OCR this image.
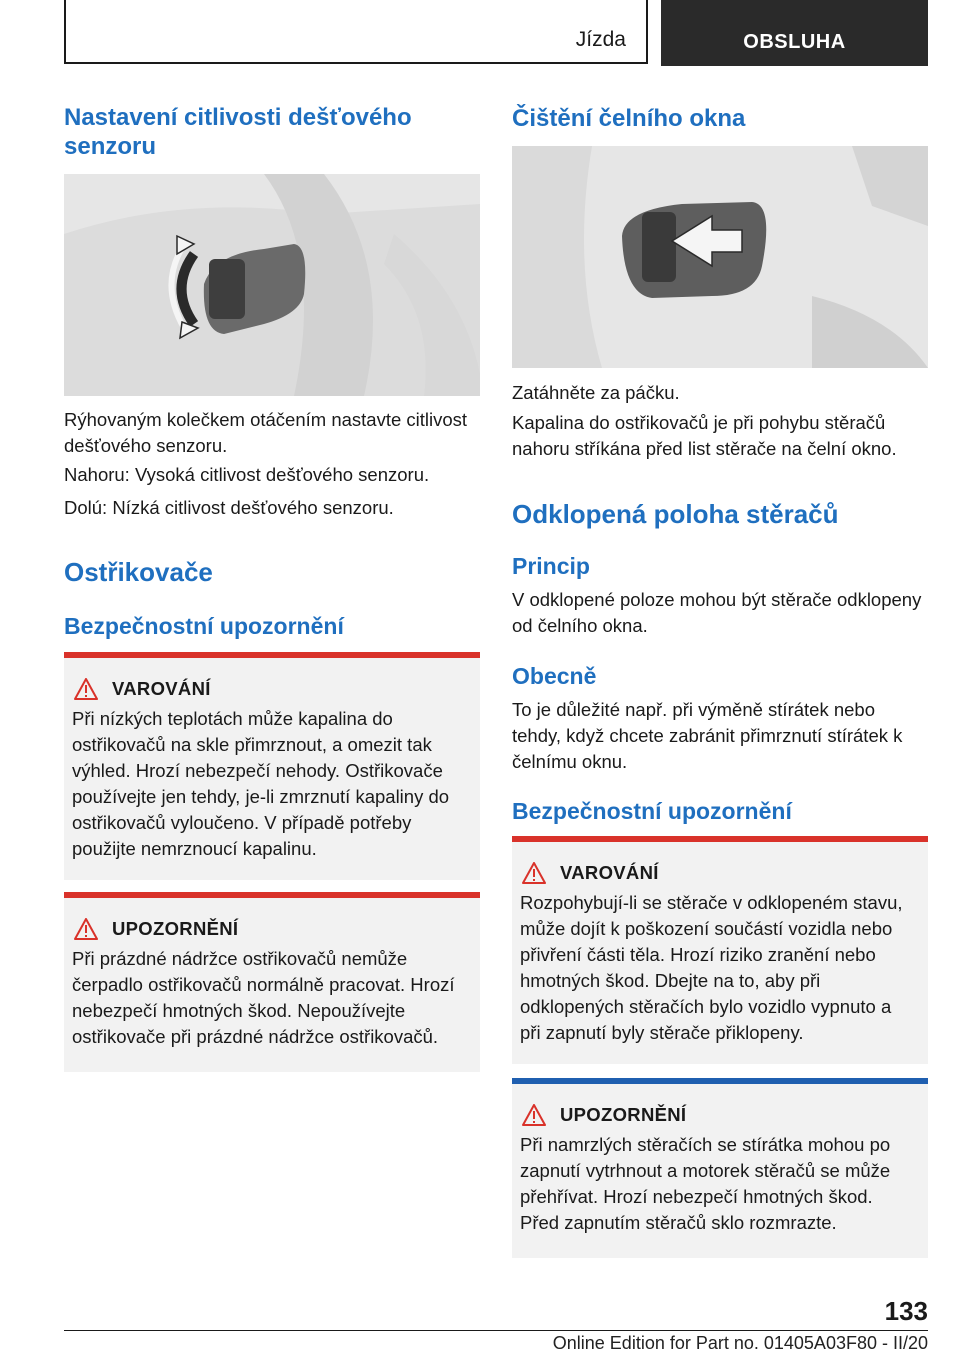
Jízda	OBSLUHA
Nastavení citlivosti dešťového senzoru

Rýhovaným kolečkem otáčením nastavte citlivost dešťového senzoru.

Nahoru: Vysoká citlivost dešťového senzoru.

Dolú: Nízká citlivost dešťového senzoru.

Ostřikovače
Bezpečnostní upozornění
VAROVÁNÍ
Při nízkých teplotách může kapalina do ostřikovačů na skle přimrznout, a omezit tak výhled. Hrozí nebezpečí nehody. Ostřikovače používejte jen tehdy, je-li zmrznutí kapaliny do ostřikovačů vyloučeno. V případě potřeby použijte nemrznoucí kapalinu.
UPOZORNĚNÍ
Při prázdné nádržce ostřikovačů nemůže čerpadlo ostřikovačů normálně pracovat. Hrozí nebezpečí hmotných škod. Nepoužívejte ostřikovače při prázdné nádržce ostřikovačů.
Čištění čelního okna

Zatáhněte za páčku.

Kapalina do ostřikovačů je při pohybu stěračů nahoru stříkána před list stěrače na čelní okno.

Odklopená poloha stěračů
Princip

V odklopené poloze mohou být stěrače odklopeny od čelního okna.

Obecně

To je důležité např. při výměně stírátek nebo tehdy, když chcete zabránit přimrznutí stírátek k čelnímu oknu.

Bezpečnostní upozornění
VAROVÁNÍ
Rozpohybují-li se stěrače v odklopeném stavu, může dojít k poškození součástí vozidla nebo přivření části těla. Hrozí riziko zranění nebo hmotných škod. Dbejte na to, aby při odklopených stěračích bylo vozidlo vypnuto a při zapnutí byly stěrače přiklopeny.
UPOZORNĚNÍ
Při namrzlých stěračích se stírátka mohou po zapnutí vytrhnout a motorek stěračů se může přehřívat. Hrozí nebezpečí hmotných škod. Před zapnutím stěračů sklo rozmrazte.
133
Online Edition for Part no. 01405A03F80 - II/20
